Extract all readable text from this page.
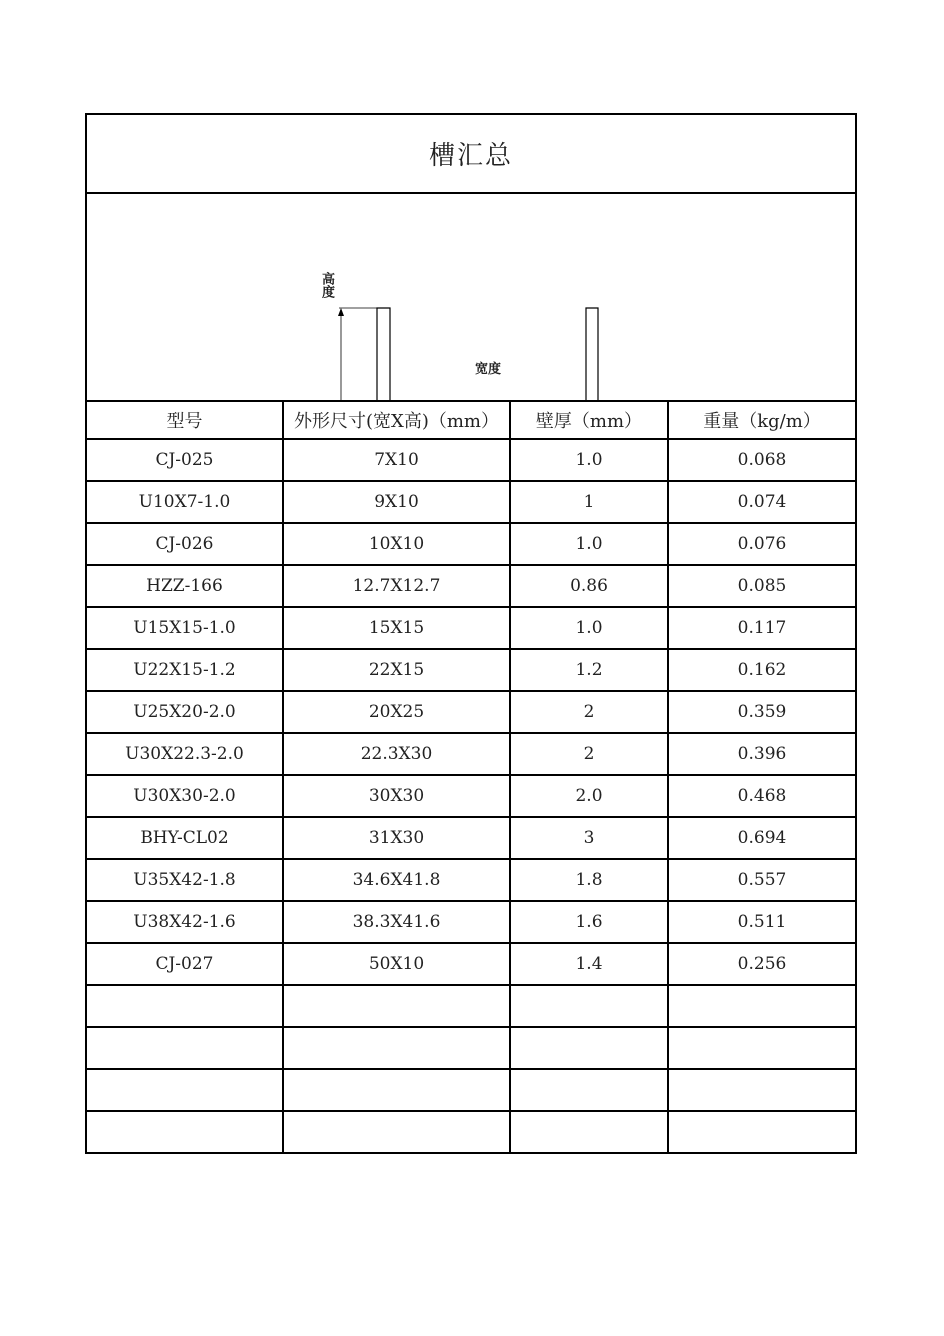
槽汇总
高度
宽度
型号	外形尺寸(宽X高)（mm）	壁厚（mm）	重量（kg/m）
CJ-025	7X10	1.0	0.068
U10X7-1.0	9X10	1	0.074
CJ-026	10X10	1.0	0.076
HZZ-166	12.7X12.7	0.86	0.085
U15X15-1.0	15X15	1.0	0.117
U22X15-1.2	22X15	1.2	0.162
U25X20-2.0	20X25	2	0.359
U30X22.3-2.0	22.3X30	2	0.396
U30X30-2.0	30X30	2.0	0.468
BHY-CL02	31X30	3	0.694
U35X42-1.8	34.6X41.8	1.8	0.557
U38X42-1.6	38.3X41.6	1.6	0.511
CJ-027	50X10	1.4	0.256
